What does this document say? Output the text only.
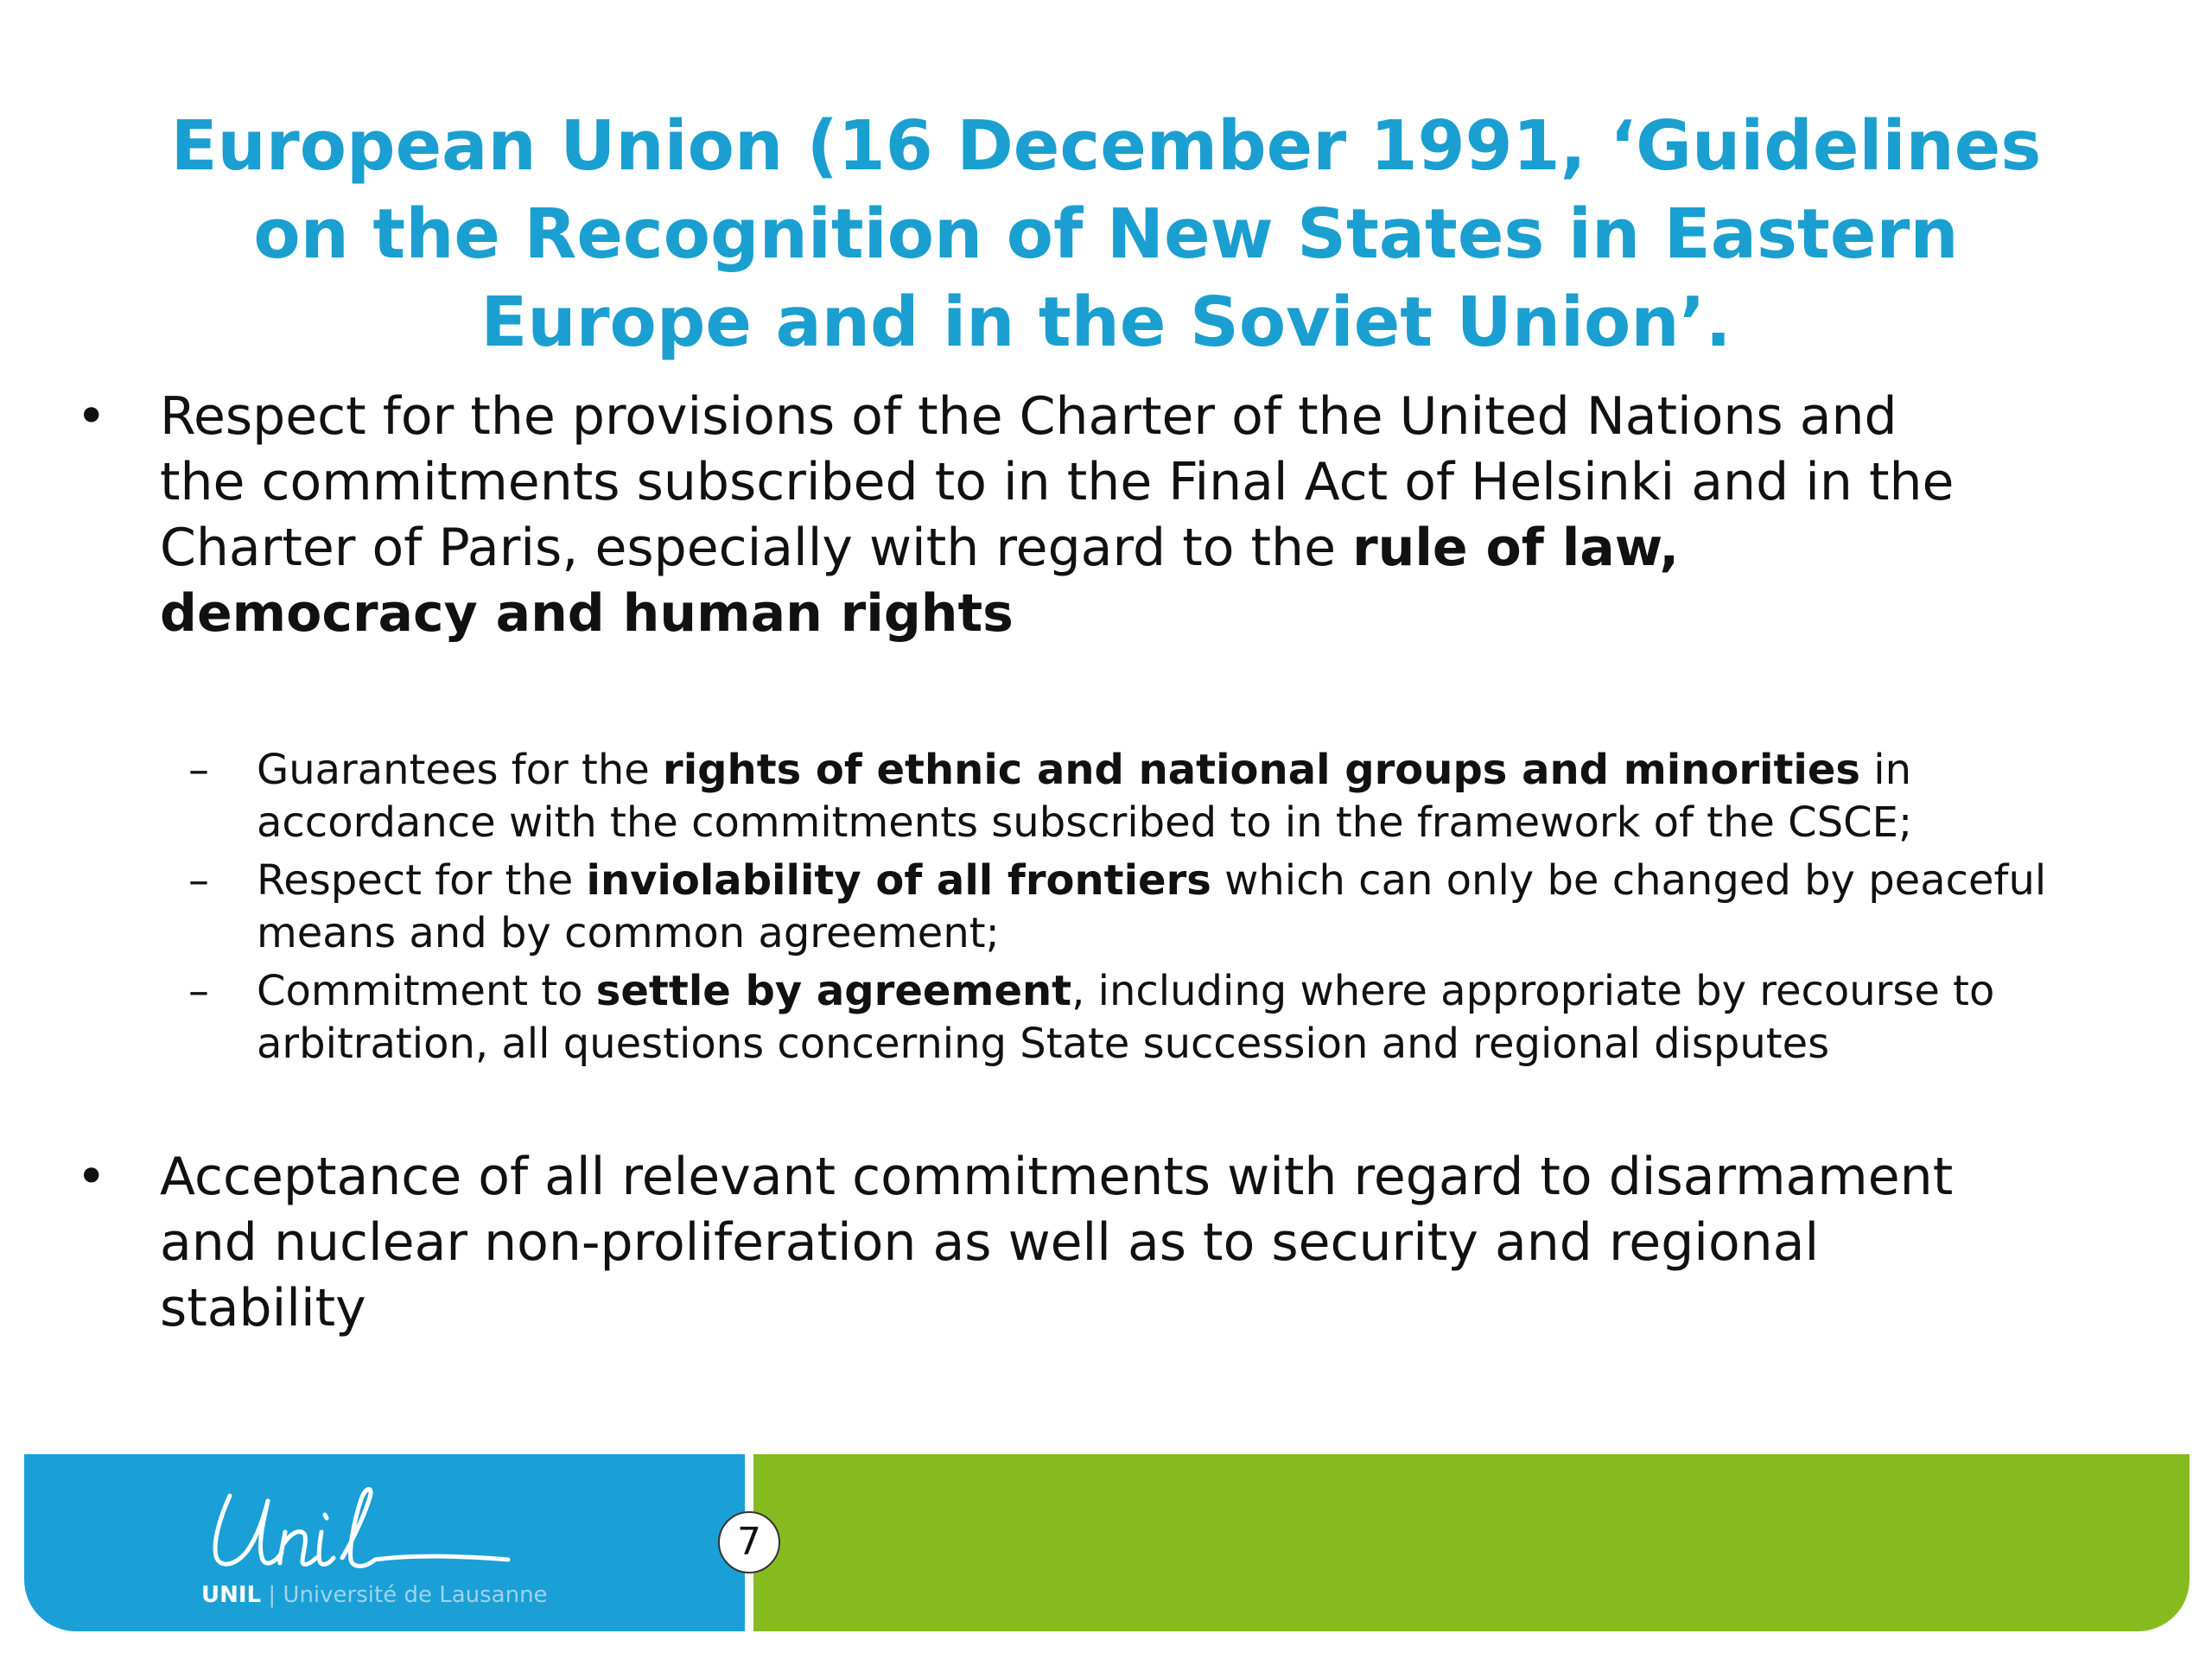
European Union (16 December 1991, ‘Guidelines
on the Recognition of New States in Eastern
Europe and in the Soviet Union’.
• Respect for the provisions of the Charter of the United Nations and
the commitments subscribed to in the Final Act of Helsinki and in the
Charter of Paris, especially with regard to the rule of law,
democracy and human rights

– Guarantees for the rights of ethnic and national groups and minorities in
accordance with the commitments subscribed to in the framework of the CSCE;

– Respect for the inviolability of all frontiers which can only be changed by peaceful
means and by common agreement;

– Commitment to settle by agreement, including where appropriate by recourse to
arbitration, all questions concerning State succession and regional disputes

• Acceptance of all relevant commitments with regard to disarmament
and nuclear non-proliferation as well as to security and regional
stability

UNIL | Université de Lausanne
7
